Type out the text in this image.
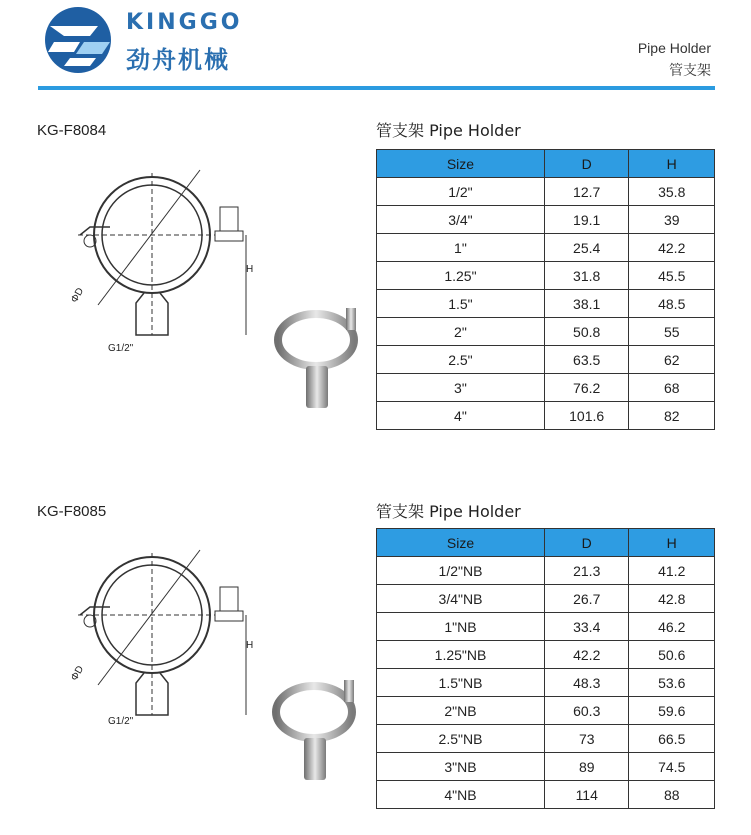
KINGGO
劲舟机械	Pipe Holder
管支架
KG-F8084	管支架 Pipe Holder
ΦD
H
G1/2"
Size	D	H
1/2"	12.7	35.8
3/4"	19.1	39
1"	25.4	42.2
1.25"	31.8	45.5
1.5"	38.1	48.5
2"	50.8	55
2.5"	63.5	62
3"	76.2	68
4"	101.6	82
KG-F8085	管支架 Pipe Holder
ΦD
H
G1/2"
Size	D	H
1/2"NB	21.3	41.2
3/4"NB	26.7	42.8
1"NB	33.4	46.2
1.25"NB	42.2	50.6
1.5"NB	48.3	53.6
2"NB	60.3	59.6
2.5"NB	73	66.5
3"NB	89	74.5
4"NB	114	88
